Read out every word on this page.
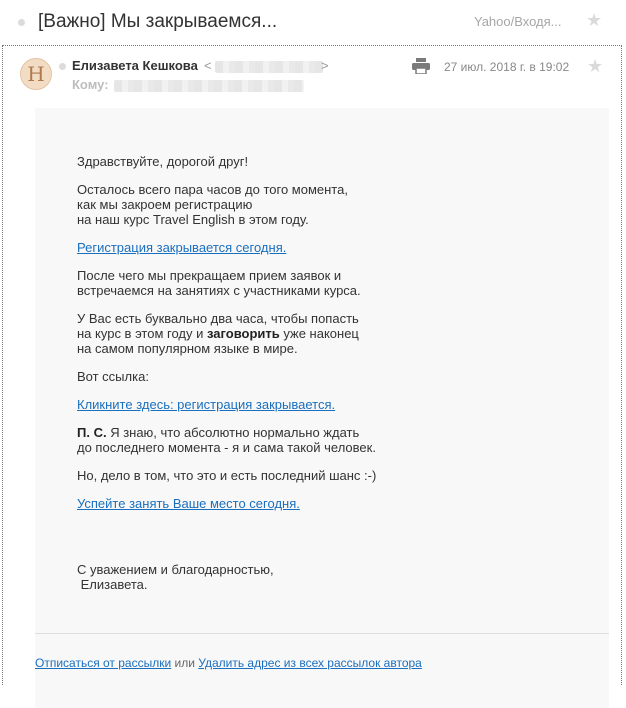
[Важно] Мы закрываемся...	Yahoo/Входя... ★
H Елизавета Кешкова <	>
Кому:
27 июл. 2018 г. в 19:02 ★

Здравствуйте, дорогой друг!

Осталось всего пара часов до того момента,
как мы закроем регистрацию
на наш курс Travel English в этом году.

Регистрация закрывается сегодня.

После чего мы прекращаем прием заявок и
встречаемся на занятиях с участниками курса.

У Вас есть буквально два часа, чтобы попасть
на курс в этом году и заговорить уже наконец
на самом популярном языке в мире.

Вот ссылка:

Кликните здесь: регистрация закрывается.

П. С. Я знаю, что абсолютно нормально ждать
до последнего момента - я и сама такой человек.

Но, дело в том, что это и есть последний шанс :-)

Успейте занять Ваше место сегодня.

С уважением и благодарностью,
Елизавета.
Отписаться от рассылки или Удалить адрес из всех рассылок автора
